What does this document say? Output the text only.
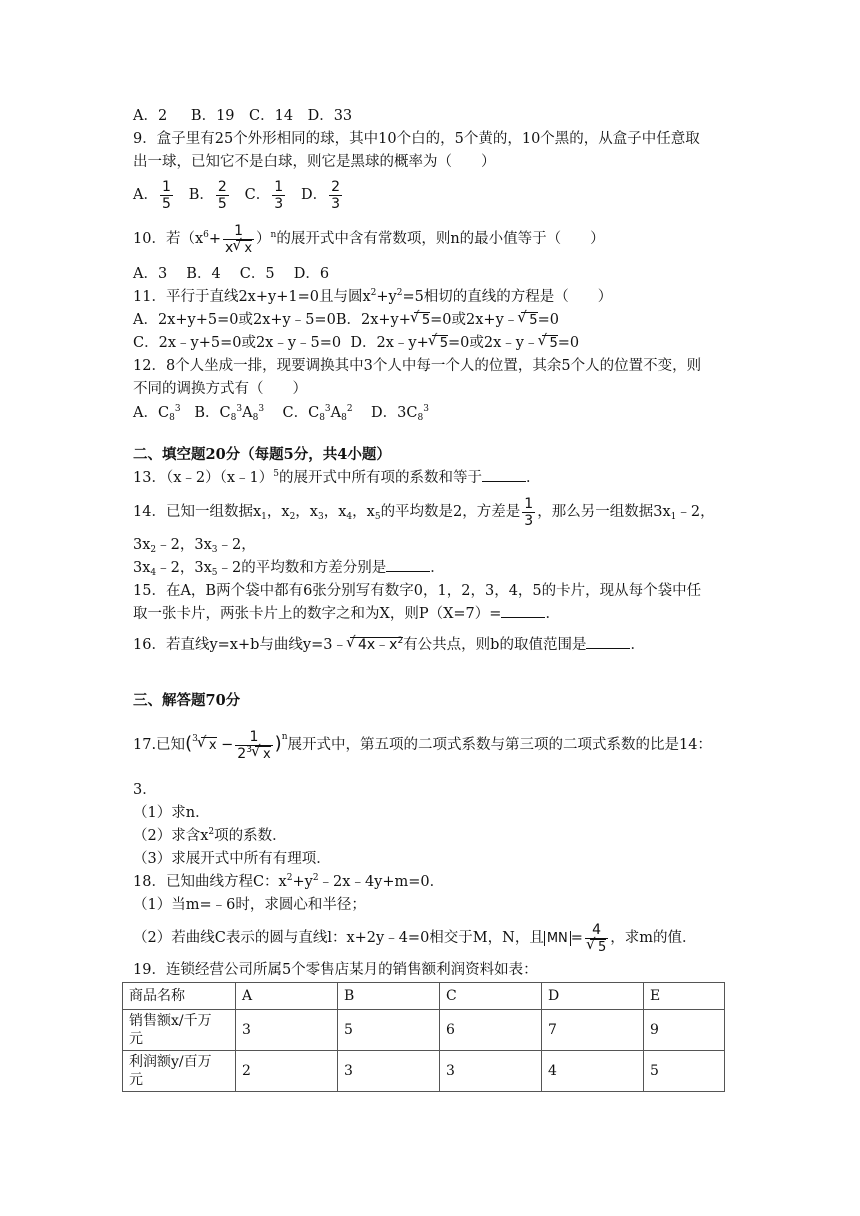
A．2 　 B．19　C．14　D．33
9．盒子里有25个外形相同的球，其中10个白的，5个黄的，10个黑的，从盒子中任意取
出一球，已知它不是白球，则它是黑球的概率为（　　）
A． $\frac{1}{5}$ B． $\frac{2}{5}$ C． $\frac{1}{3}$ D． $\frac{2}{3}$
10．若$(x^6+ \frac{1}{x √ x} )^n$的展开式中含有常数项，则n的最小值等于（　　）
A．3　 B．4　 C．5　 D．6
11．平行于直线2x+y+1=0且与圆$x^2+y^2=5$相切的直线的方程是（　　）
A．2x+y+5=0或2x+y﹣5=0B．2x+y+ √ 5=0或2x+y﹣ √ 5=0
C．2x﹣y+5=0或2x﹣y﹣5=0 D．2x﹣y+ √ 5=0或2x﹣y﹣ √ 5=0
12．8个人坐成一排，现要调换其中3个人中每一个人的位置，其余5个人的位置不变，则
不同的调换方式有（　　）
A．$C_8^3$ B．$C_8^3A_8^3$ C．$C_8^3A_8^2$ D．$3C_8^3$
二、填空题20分（每题5分，共4小题）
13．（x﹣2）（x﹣1）$^5$的展开式中所有项的系数和等于	．
14．已知一组数据$x_1$，$x_2$，$x_3$，$x_4$，$x_5$的平均数是2，方差是 $\frac{1}{3}$ ，那么另一组数据$3x_1﹣2$，
$3x_2﹣2$，$3x_3﹣2$，
$3x_4﹣2$，$3x_5﹣2$的平均数和方差分别是	．
15．在A，B两个袋中都有6张分别写有数字0，1，2，3，4，5的卡片，现从每个袋中任
取一张卡片，两张卡片上的数字之和为X，则P（X=7）=	．
16．若直线y=x+b与曲线y=3﹣ √ $4x﹣x^2$有公共点，则b的取值范围是	．
三、解答题70分
17.已知($^3$ √ $x - \frac{1}{2^3 √ x} )^n$展开式中，第五项的二项式系数与第三项的二项式系数的比是14：
3．
（1）求n．
（2）求含$x^2$项的系数．
（3）求展开式中所有有理项．
18．已知曲线方程C：$x^2+y^2﹣2x﹣4y+m=0$．
（1）当m=﹣6时，求圆心和半径；
（2）若曲线C表示的圆与直线l：x+2y﹣4=0相交于M，N，且 MN = 4
√ 5 ，求m的值．
19．连锁经营公司所属5个零售店某月的销售额利润资料如表：
商品名称	A	B	C	D	E
销售额x/千万
元	3	5	6	7	9
利润额y/百万
元	2	3	3	4	5
